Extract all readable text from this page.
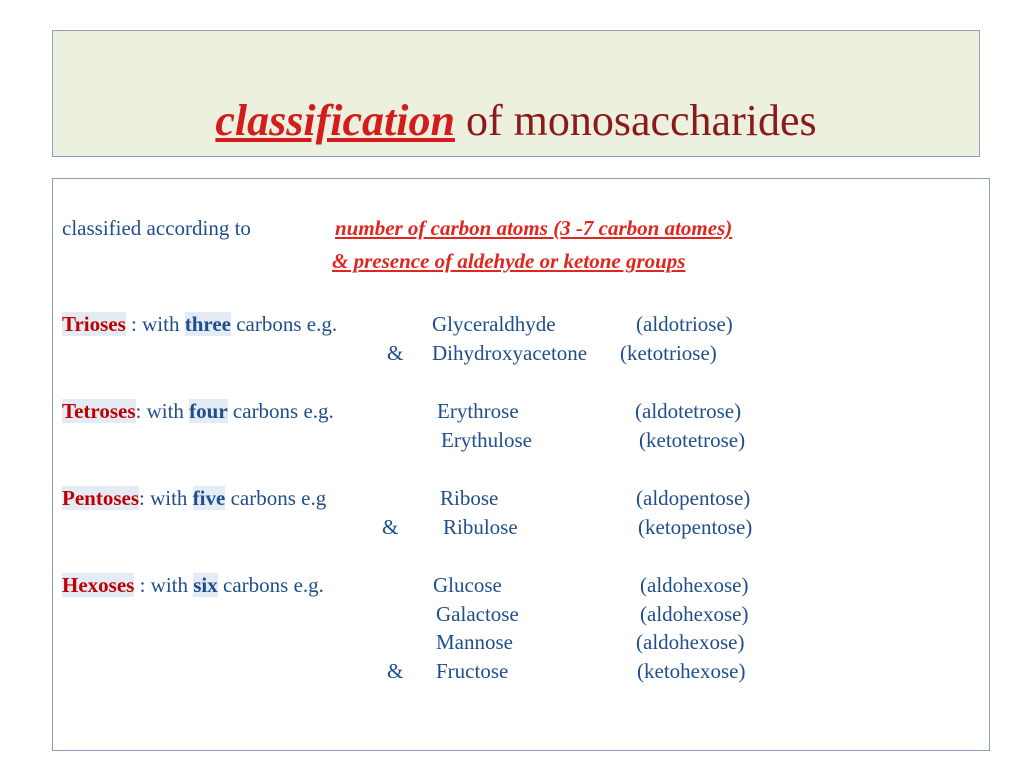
classification of monosaccharides
classified according to	number of carbon atoms (3 -7 carbon atomes)
& presence of aldehyde or ketone groups
Trioses : with three carbons e.g.	Glyceraldhyde	(aldotriose)
& Dihydroxyacetone (ketotriose)
Tetroses: with four carbons e.g.	Erythrose	(aldotetrose)
Erythulose	(ketotetrose)
Pentoses: with five carbons e.g	Ribose	(aldopentose)
& Ribulose	(ketopentose)
Hexoses : with six carbons e.g.	Glucose	(aldohexose)
Galactose	(aldohexose)
Mannose	(aldohexose)
& Fructose	(ketohexose)
